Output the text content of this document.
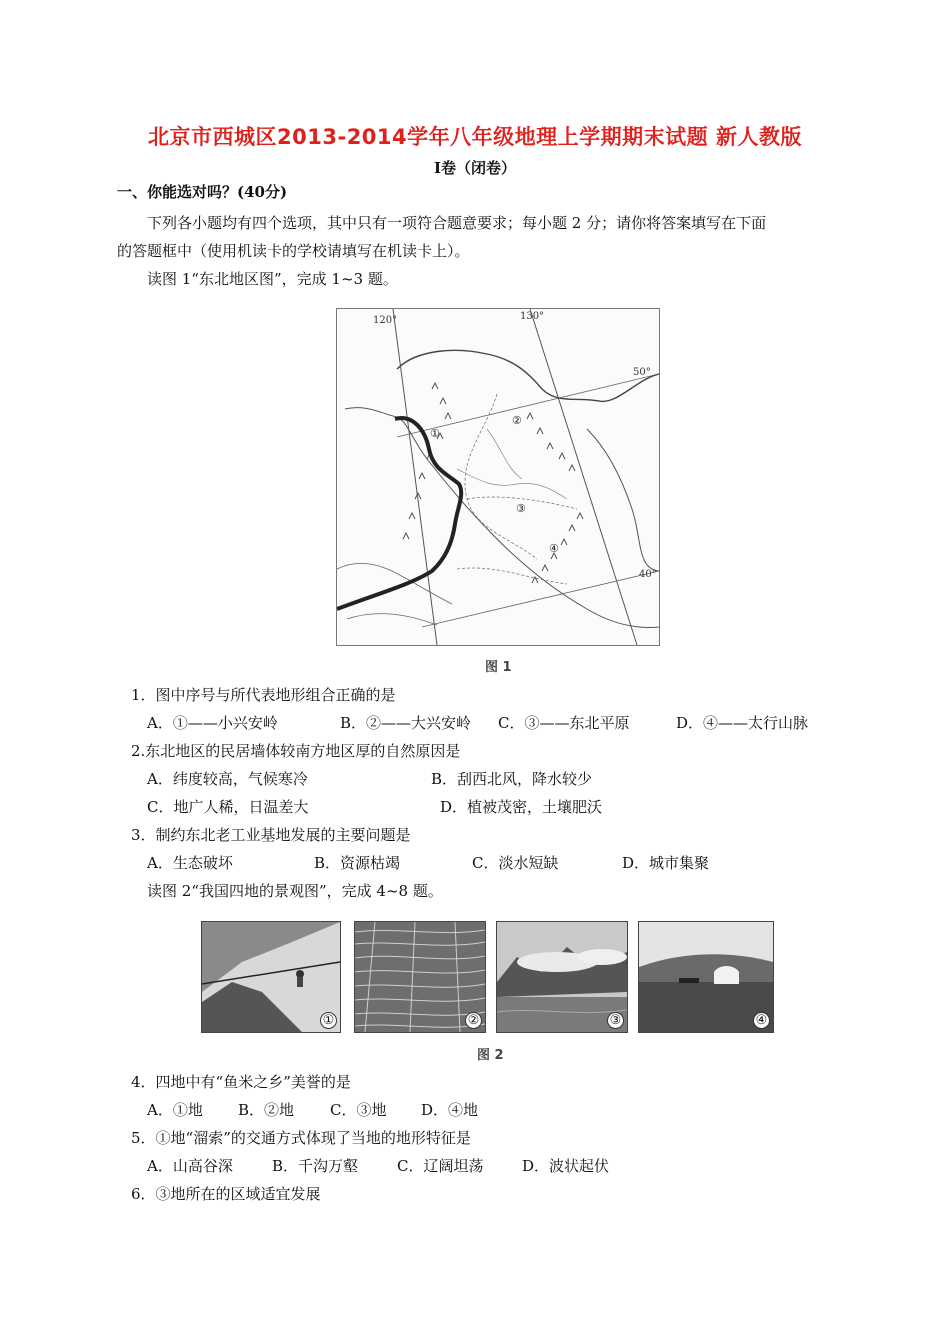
北京市西城区2013-2014学年八年级地理上学期期末试题 新人教版
Ⅰ卷（闭卷）
一、你能选对吗？(40分)
下列各小题均有四个选项，其中只有一项符合题意要求；每小题 2 分；请你将答案填写在下面
的答题框中（使用机读卡的学校请填写在机读卡上）。
读图 1“东北地区图”，完成 1~3 题。
①
②
③
④
120°	130°
50°
40°
图 1
1．图中序号与所代表地形组合正确的是
A．①——小兴安岭	B．②——大兴安岭 C．③——东北平原	D．④——太行山脉
2.东北地区的民居墙体较南方地区厚的自然原因是
A．纬度较高，气候寒冷	B．刮西北风，降水较少
C．地广人稀，日温差大	D．植被茂密，土壤肥沃
3．制约东北老工业基地发展的主要问题是
A．生态破坏	B．资源枯竭	C．淡水短缺	D．城市集聚
读图 2“我国四地的景观图”，完成 4~8 题。
①	②	③	④
图 2
4．四地中有“鱼米之乡”美誉的是
A．①地 B．②地 C．③地 D．④地
5．①地“溜索”的交通方式体现了当地的地形特征是
A．山高谷深	B．千沟万壑	C．辽阔坦荡	D．波状起伏
6．③地所在的区域适宜发展
